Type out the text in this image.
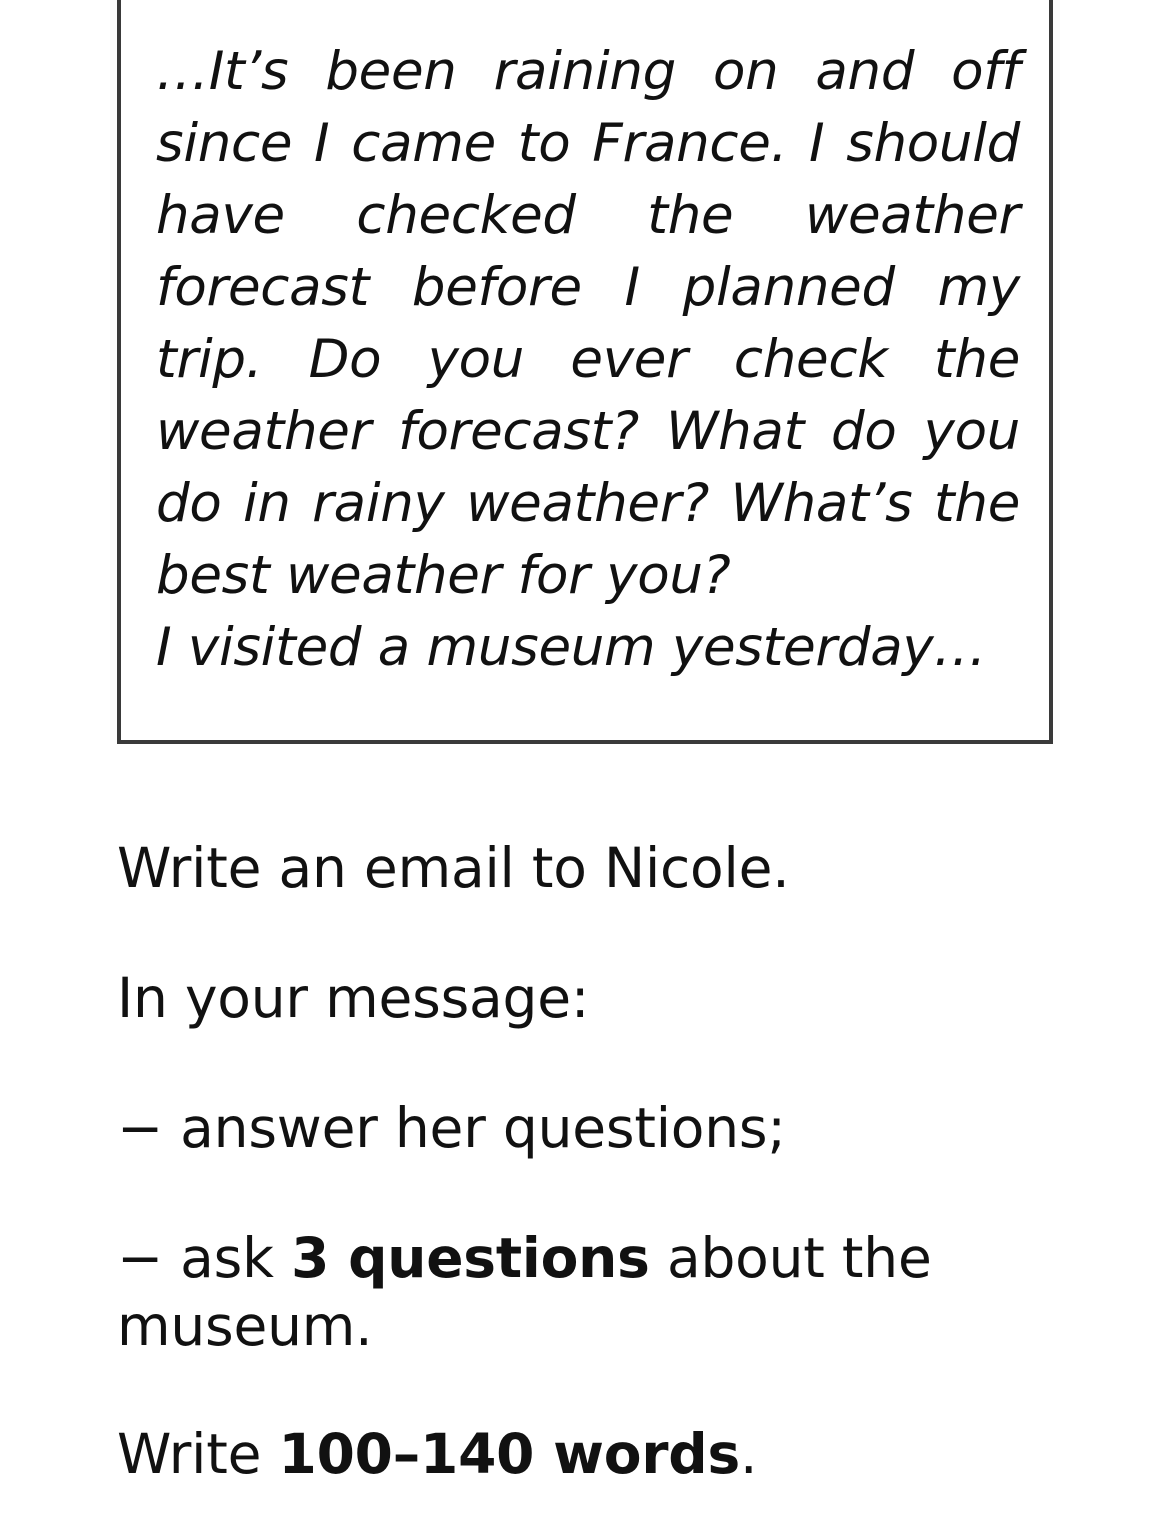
…It’s been raining on and off since I came to France. I should have checked the weather forecast before I planned my trip. Do you ever check the weather forecast? What do you do in rainy weather? What’s the best weather for you?
I visited a museum yesterday…

Write an email to Nicole.

In your message:

− answer her questions;

− ask 3 questions about the museum.

Write 100–140 words.
